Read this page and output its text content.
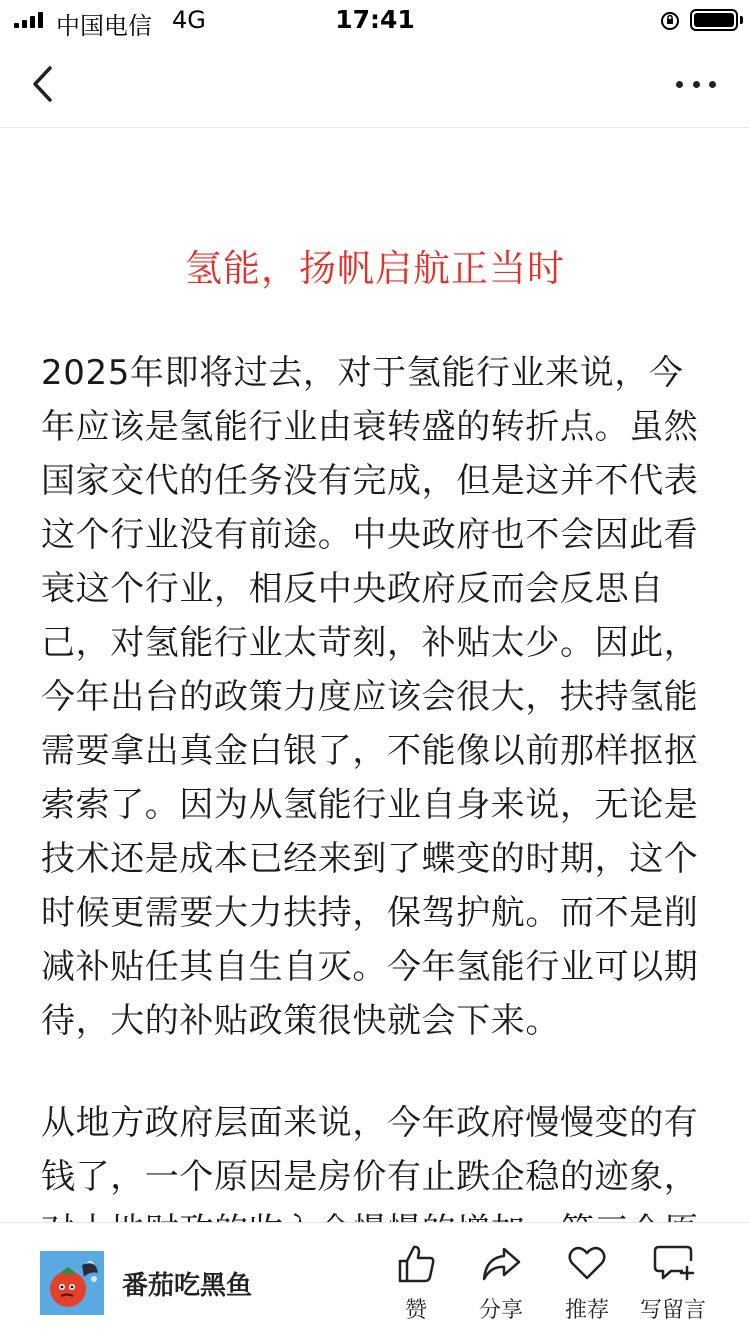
中国电信 4G	17:41
氢能，扬帆启航正当时

2025年即将过去，对于氢能行业来说，今年应该是氢能行业由衰转盛的转折点。虽然国家交代的任务没有完成，但是这并不代表这个行业没有前途。中央政府也不会因此看衰这个行业，相反中央政府反而会反思自己，对氢能行业太苛刻，补贴太少。因此，今年出台的政策力度应该会很大，扶持氢能需要拿出真金白银了，不能像以前那样抠抠索索了。因为从氢能行业自身来说，无论是技术还是成本已经来到了蝶变的时期，这个时候更需要大力扶持，保驾护航。而不是削减补贴任其自生自灭。今年氢能行业可以期待，大的补贴政策很快就会下来。

从地方政府层面来说，今年政府慢慢变的有钱了，一个原因是房价有止跌企稳的迹象，

番茄吃黑鱼
赞	分享	推荐	写留言
